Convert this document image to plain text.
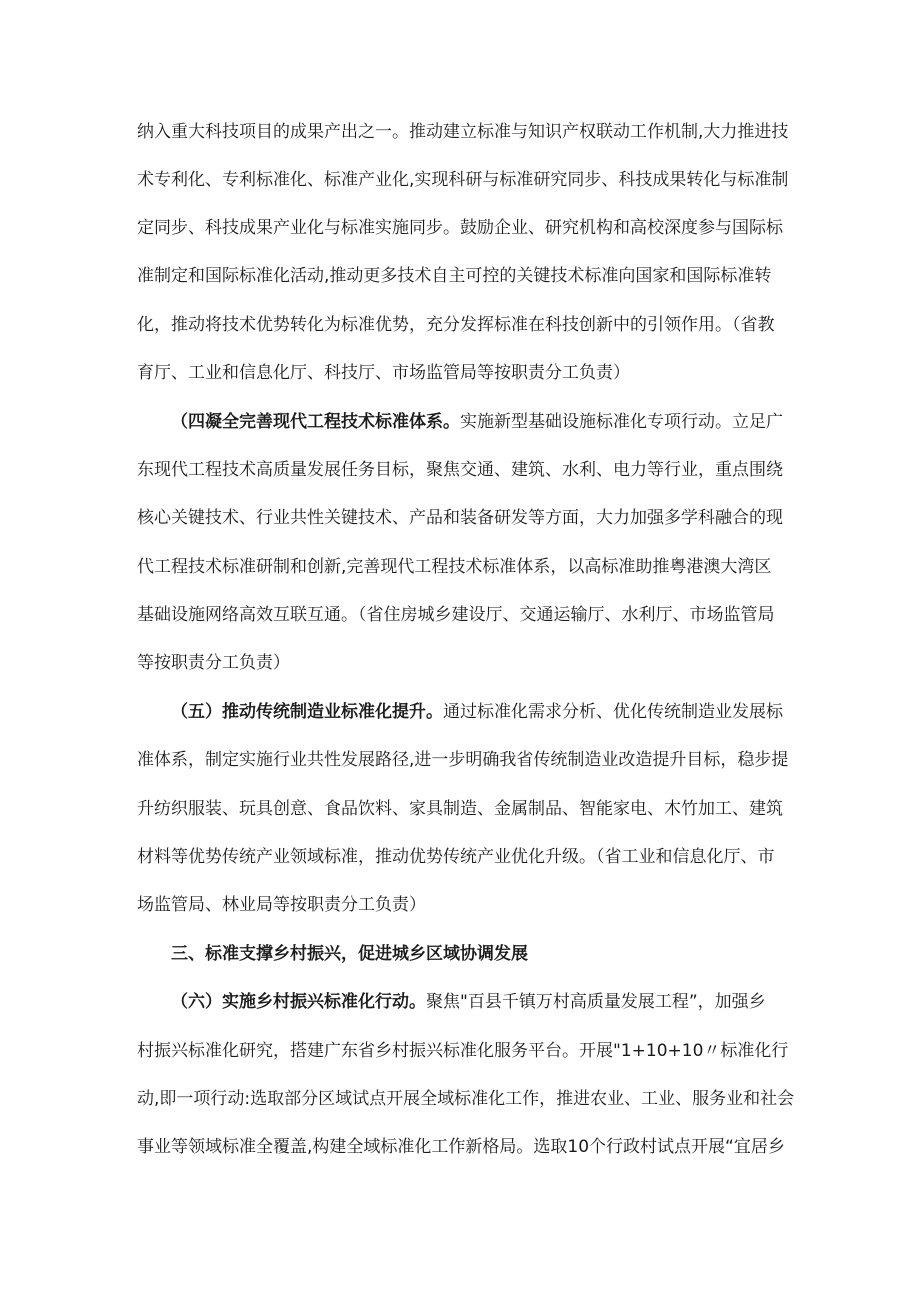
纳入重大科技项目的成果产出之一。推动建立标准与知识产权联动工作机制,大力推进技
术专利化、专利标准化、标准产业化,实现科研与标准研究同步、科技成果转化与标准制
定同步、科技成果产业化与标准实施同步。鼓励企业、研究机构和高校深度参与国际标
准制定和国际标准化活动,推动更多技术自主可控的关键技术标准向国家和国际标准转
化，推动将技术优势转化为标准优势，充分发挥标准在科技创新中的引领作用。（省教
育厅、工业和信息化厅、科技厅、市场监管局等按职责分工负责）
（四凝全完善现代工程技术标准体系。实施新型基础设施标准化专项行动。立足广
东现代工程技术高质量发展任务目标，聚焦交通、建筑、水利、电力等行业，重点围绕
核心关键技术、行业共性关键技术、产品和装备研发等方面，大力加强多学科融合的现
代工程技术标准研制和创新,完善现代工程技术标准体系，以高标准助推粤港澳大湾区
基础设施网络高效互联互通。（省住房城乡建设厅、交通运输厅、水利厅、市场监管局
等按职责分工负责）
（五）推动传统制造业标准化提升。通过标准化需求分析、优化传统制造业发展标
准体系，制定实施行业共性发展路径,进一步明确我省传统制造业改造提升目标，稳步提
升纺织服装、玩具创意、食品饮料、家具制造、金属制品、智能家电、木竹加工、建筑
材料等优势传统产业领域标准，推动优势传统产业优化升级。（省工业和信息化厅、市
场监管局、林业局等按职责分工负责）
三、标准支撑乡村振兴，促进城乡区域协调发展
（六）实施乡村振兴标准化行动。聚焦"百县千镇万村高质量发展工程”，加强乡
村振兴标准化研究，搭建广东省乡村振兴标准化服务平台。开展"1+10+10〃标准化行
动,即一项行动:选取部分区域试点开展全域标准化工作，推进农业、工业、服务业和社会
事业等领域标准全覆盖,构建全域标准化工作新格局。选取10个行政村试点开展“宜居乡
